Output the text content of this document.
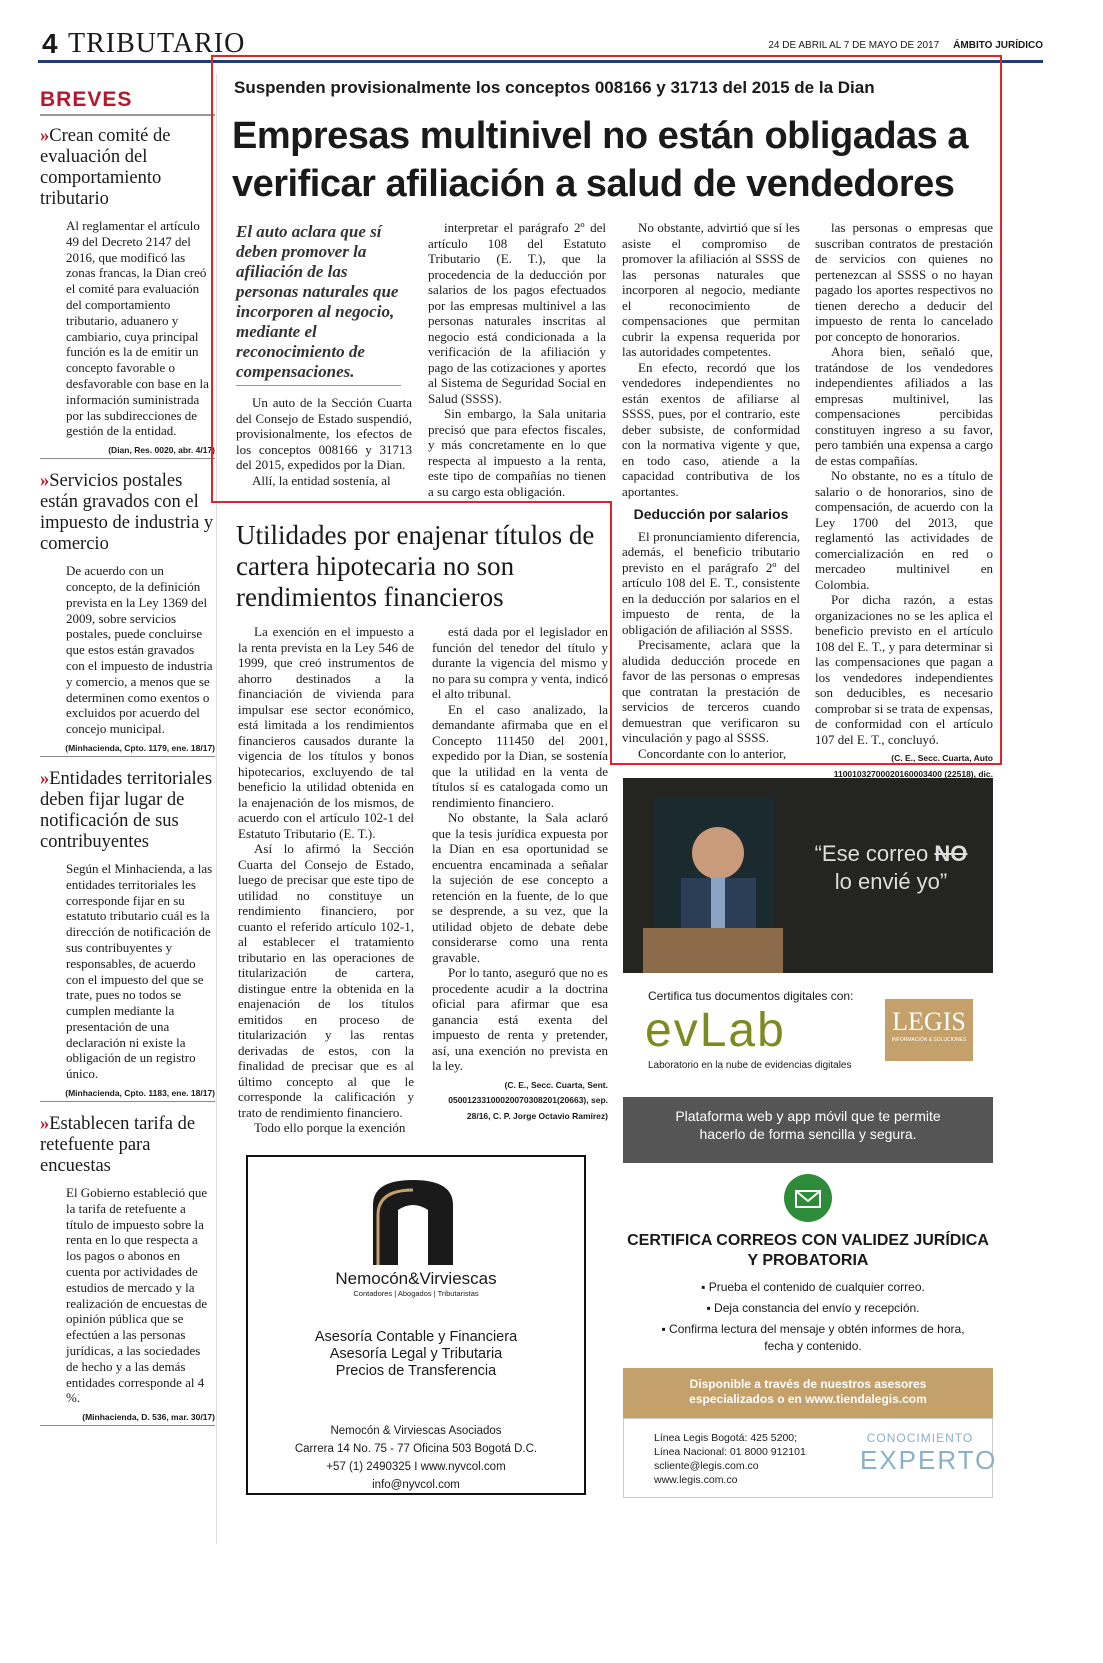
4 TRIBUTARIO	24 DE ABRIL AL 7 DE MAYO DE 2017 ÁMBITO JURÍDICO
BREVES
»Crean comité de evaluación del comportamiento tributario
Al reglamentar el artículo 49 del Decreto 2147 del 2016, que modificó las zonas francas, la Dian creó el comité para evaluación del comportamiento tributario, aduanero y cambiario, cuya principal función es la de emitir un concepto favorable o desfavorable con base en la información suministrada por las subdirecciones de gestión de la entidad.
(Dian, Res. 0020, abr. 4/17)
»Servicios postales están gravados con el impuesto de industria y comercio
De acuerdo con un concepto, de la definición prevista en la Ley 1369 del 2009, sobre servicios postales, puede concluirse que estos están gravados con el impuesto de industria y comercio, a menos que se determinen como exentos o excluidos por acuerdo del concejo municipal.
(Minhacienda, Cpto. 1179, ene. 18/17)
»Entidades territoriales deben fijar lugar de notificación de sus contribuyentes
Según el Minhacienda, a las entidades territoriales les corresponde fijar en su estatuto tributario cuál es la dirección de notificación de sus contribuyentes y responsables, de acuerdo con el impuesto del que se trate, pues no todos se cumplen mediante la presentación de una declaración ni existe la obligación de un registro único.
(Minhacienda, Cpto. 1183, ene. 18/17)
»Establecen tarifa de retefuente para encuestas
El Gobierno estableció que la tarifa de retefuente a título de impuesto sobre la renta en lo que respecta a los pagos o abonos en cuenta por actividades de estudios de mercado y la realización de encuestas de opinión pública que se efectúen a las personas jurídicas, a las sociedades de hecho y a las demás entidades corresponde al 4 %.
(Minhacienda, D. 536, mar. 30/17)
Suspenden provisionalmente los conceptos 008166 y 31713 del 2015 de la Dian
Empresas multinivel no están obligadas a verificar afiliación a salud de vendedores
El auto aclara que sí deben promover la afiliación de las personas naturales que incorporen al negocio, mediante el reconocimiento de compensaciones.

Un auto de la Sección Cuarta del Consejo de Estado suspendió, provisionalmente, los efectos de los conceptos 008166 y 31713 del 2015, expedidos por la Dian.

Allí, la entidad sostenía, al

interpretar el parágrafo 2º del artículo 108 del Estatuto Tributario (E. T.), que la procedencia de la deducción por salarios de los pagos efectuados por las empresas multinivel a las personas naturales inscritas al negocio está condicionada a la verificación de la afiliación y pago de las cotizaciones y aportes al Sistema de Seguridad Social en Salud (SSSS).

Sin embargo, la Sala unitaria precisó que para efectos fiscales, y más concretamente en lo que respecta al impuesto a la renta, este tipo de compañías no tienen a su cargo esta obligación.

No obstante, advirtió que sí les asiste el compromiso de promover la afiliación al SSSS de las personas naturales que incorporen al negocio, mediante el reconocimiento de compensaciones que permitan cubrir la expensa requerida por las autoridades competentes.

En efecto, recordó que los vendedores independientes no están exentos de afiliarse al SSSS, pues, por el contrario, este deber subsiste, de conformidad con la normativa vigente y que, en todo caso, atiende a la capacidad contributiva de los aportantes.

Deducción por salarios

El pronunciamiento diferencia, además, el beneficio tributario previsto en el parágrafo 2º del artículo 108 del E. T., consistente en la deducción por salarios en el impuesto de renta, de la obligación de afiliación al SSSS.

Precisamente, aclara que la aludida deducción procede en favor de las personas o empresas que contratan la prestación de servicios de terceros cuando demuestran que verificaron su vinculación y pago al SSSS.

Concordante con lo anterior,

las personas o empresas que suscriban contratos de prestación de servicios con quienes no pertenezcan al SSSS o no hayan pagado los aportes respectivos no tienen derecho a deducir del impuesto de renta lo cancelado por concepto de honorarios.

Ahora bien, señaló que, tratándose de los vendedores independientes afiliados a las empresas multinivel, las compensaciones percibidas constituyen ingreso a su favor, pero también una expensa a cargo de estas compañías.

No obstante, no es a título de salario o de honorarios, sino de compensación, de acuerdo con la Ley 1700 del 2013, que reglamentó las actividades de comercialización en red o mercadeo multinivel en Colombia.

Por dicha razón, a estas organizaciones no se les aplica el beneficio previsto en el artículo 108 del E. T., y para determinar si las compensaciones que pagan a los vendedores independientes son deducibles, es necesario comprobar si se trata de expensas, de conformidad con el artículo 107 del E. T., concluyó.

(C. E., Secc. Cuarta, Auto 11001032700020160003400 (22518), dic.
Utilidades por enajenar títulos de cartera hipotecaria no son rendimientos financieros

La exención en el impuesto a la renta prevista en la Ley 546 de 1999, que creó instrumentos de ahorro destinados a la financiación de vivienda para impulsar ese sector económico, está limitada a los rendimientos financieros causados durante la vigencia de los títulos y bonos hipotecarios, excluyendo de tal beneficio la utilidad obtenida en la enajenación de los mismos, de acuerdo con el artículo 102-1 del Estatuto Tributario (E. T.).

Así lo afirmó la Sección Cuarta del Consejo de Estado, luego de precisar que este tipo de utilidad no constituye un rendimiento financiero, por cuanto el referido artículo 102-1, al establecer el tratamiento tributario en las operaciones de titularización de cartera, distingue entre la obtenida en la enajenación de los títulos emitidos en proceso de titularización y las rentas derivadas de estos, con la finalidad de precisar que es al último concepto al que le corresponde la calificación y trato de rendimiento financiero.

Todo ello porque la exención

está dada por el legislador en función del tenedor del título y durante la vigencia del mismo y no para su compra y venta, indicó el alto tribunal.

En el caso analizado, la demandante afirmaba que en el Concepto 111450 del 2001, expedido por la Dian, se sostenía que la utilidad en la venta de títulos sí es catalogada como un rendimiento financiero.

No obstante, la Sala aclaró que la tesis jurídica expuesta por la Dian en esa oportunidad se encuentra encaminada a señalar la sujeción de ese concepto a retención en la fuente, de lo que se desprende, a su vez, que la utilidad objeto de debate debe considerarse como una renta gravable.

Por lo tanto, aseguró que no es procedente acudir a la doctrina oficial para afirmar que esa ganancia está exenta del impuesto de renta y pretender, así, una exención no prevista en la ley.

(C. E., Secc. Cuarta, Sent. 05001233100020070308201(20663), sep. 28/16, C. P. Jorge Octavio Ramírez)
“Ese correo NO
lo envié yo”
Certifica tus documentos digitales con:
evLab
Laboratorio en la nube de evidencias digitales
LEGIS
INFORMACIÓN & SOLUCIONES
Plataforma web y app móvil que te permite hacerlo de forma sencilla y segura.
CERTIFICA CORREOS CON VALIDEZ JURÍDICA Y PROBATORIA
▪ Prueba el contenido de cualquier correo.
▪ Deja constancia del envío y recepción.
▪ Confirma lectura del mensaje y obtén informes de hora, fecha y contenido.
Disponible a través de nuestros asesores especializados o en www.tiendalegis.com
Línea Legis Bogotá: 425 5200;
Línea Nacional: 01 8000 912101
scliente@legis.com.co
www.legis.com.co
CONOCIMIENTO
EXPERTO
Nemocón&Virviescas
Contadores | Abogados | Tributaristas
Asesoría Contable y Financiera
Asesoría Legal y Tributaria
Precios de Transferencia
Nemocón & Virviescas Asociados
Carrera 14 No. 75 - 77 Oficina 503 Bogotá D.C.
+57 (1) 2490325 I www.nyvcol.com
info@nyvcol.com
